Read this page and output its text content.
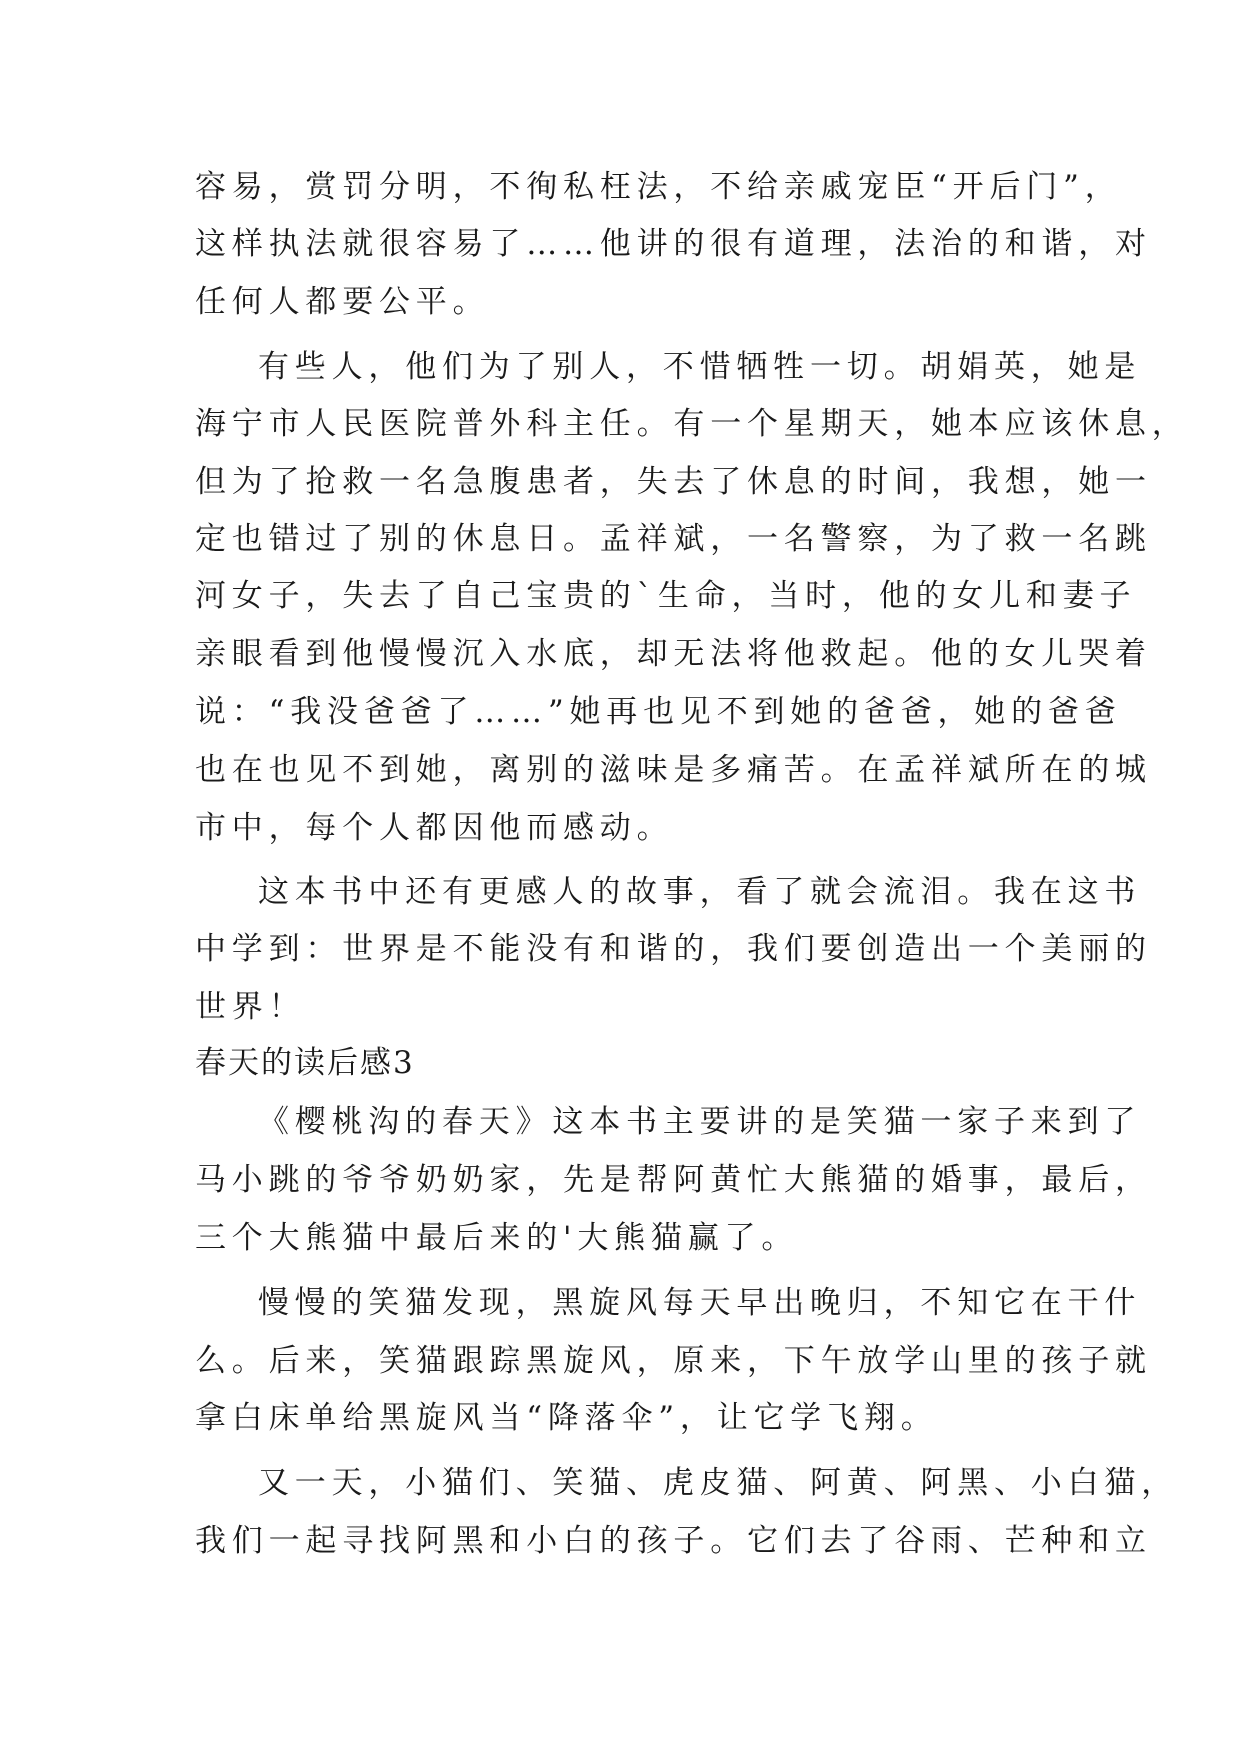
容易，赏罚分明，不徇私枉法，不给亲戚宠臣“开后门”，
这样执法就很容易了……他讲的很有道理，法治的和谐，对
任何人都要公平。
有些人，他们为了别人，不惜牺牲一切。胡娟英，她是
海宁市人民医院普外科主任。有一个星期天，她本应该休息，
但为了抢救一名急腹患者，失去了休息的时间，我想，她一
定也错过了别的休息日。孟祥斌，一名警察，为了救一名跳
河女子，失去了自己宝贵的`生命，当时，他的女儿和妻子
亲眼看到他慢慢沉入水底，却无法将他救起。他的女儿哭着
说：“我没爸爸了……”她再也见不到她的爸爸，她的爸爸
也在也见不到她，离别的滋味是多痛苦。在孟祥斌所在的城
市中，每个人都因他而感动。
这本书中还有更感人的故事，看了就会流泪。我在这书
中学到：世界是不能没有和谐的，我们要创造出一个美丽的
世界！
春天的读后感3
《樱桃沟的春天》这本书主要讲的是笑猫一家子来到了
马小跳的爷爷奶奶家，先是帮阿黄忙大熊猫的婚事，最后，
三个大熊猫中最后来的'大熊猫赢了。
慢慢的笑猫发现，黑旋风每天早出晚归，不知它在干什
么。后来，笑猫跟踪黑旋风，原来，下午放学山里的孩子就
拿白床单给黑旋风当“降落伞”，让它学飞翔。
又一天，小猫们、笑猫、虎皮猫、阿黄、阿黑、小白猫，
我们一起寻找阿黑和小白的孩子。它们去了谷雨、芒种和立
